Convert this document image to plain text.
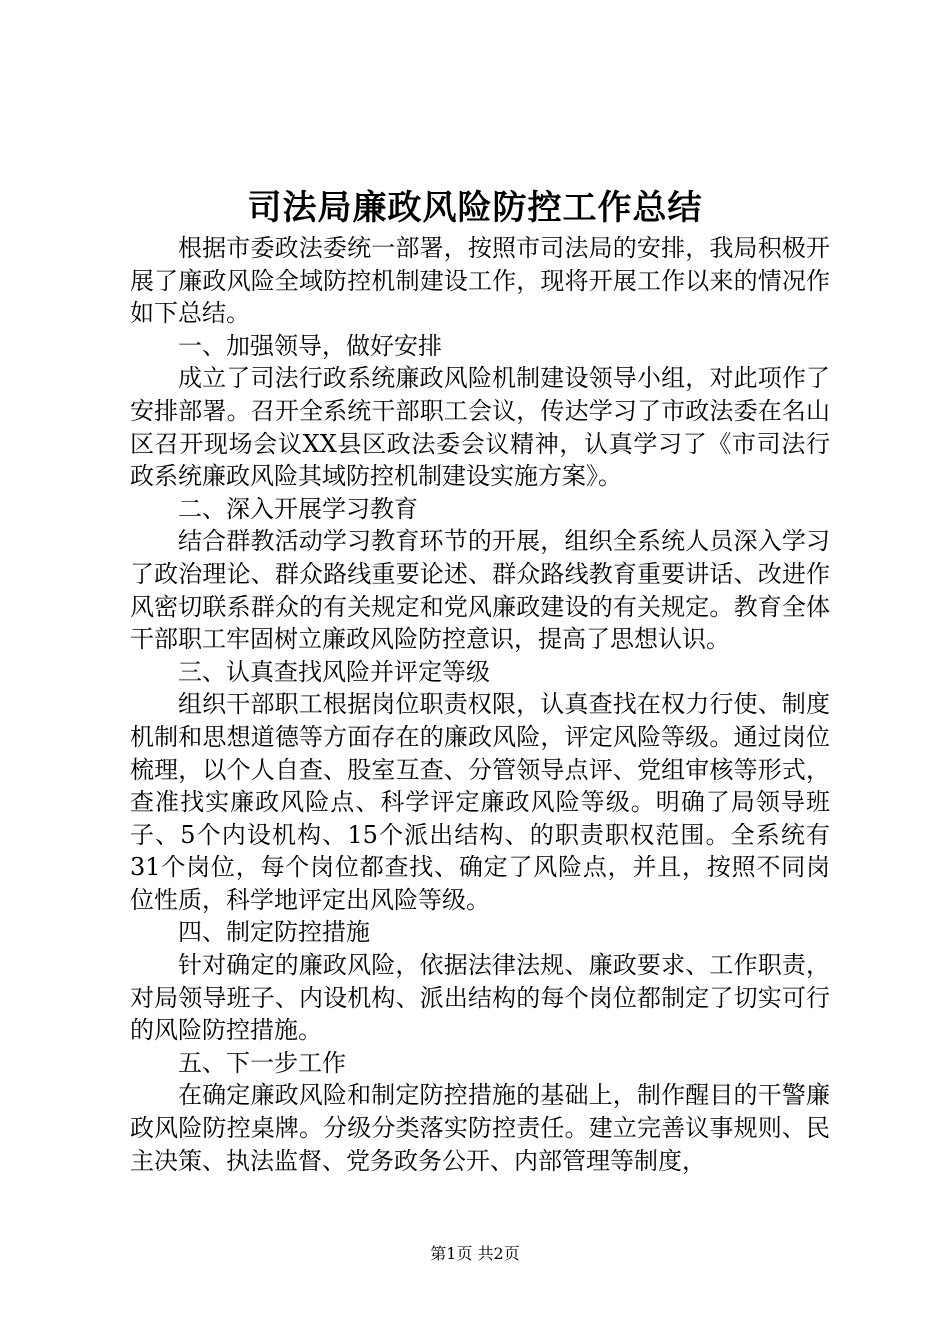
司法局廉政风险防控工作总结

根据市委政法委统一部署，按照市司法局的安排，我局积极开展了廉政风险全域防控机制建设工作，现将开展工作以来的情况作如下总结。

一、加强领导，做好安排

成立了司法行政系统廉政风险机制建设领导小组，对此项作了安排部署。召开全系统干部职工会议，传达学习了市政法委在名山区召开现场会议XX县区政法委会议精神，认真学习了《市司法行政系统廉政风险其域防控机制建设实施方案》。

二、深入开展学习教育

结合群教活动学习教育环节的开展，组织全系统人员深入学习了政治理论、群众路线重要论述、群众路线教育重要讲话、改进作风密切联系群众的有关规定和党风廉政建设的有关规定。教育全体干部职工牢固树立廉政风险防控意识，提高了思想认识。

三、认真查找风险并评定等级

组织干部职工根据岗位职责权限，认真查找在权力行使、制度机制和思想道德等方面存在的廉政风险，评定风险等级。通过岗位梳理，以个人自查、股室互查、分管领导点评、党组审核等形式，查准找实廉政风险点、科学评定廉政风险等级。明确了局领导班子、5个内设机构、15个派出结构、的职责职权范围。全系统有31个岗位，每个岗位都查找、确定了风险点，并且，按照不同岗位性质，科学地评定出风险等级。

四、制定防控措施

针对确定的廉政风险，依据法律法规、廉政要求、工作职责，对局领导班子、内设机构、派出结构的每个岗位都制定了切实可行的风险防控措施。

五、下一步工作

在确定廉政风险和制定防控措施的基础上，制作醒目的干警廉政风险防控桌牌。分级分类落实防控责任。建立完善议事规则、民主决策、执法监督、党务政务公开、内部管理等制度，

第1页 共2页
